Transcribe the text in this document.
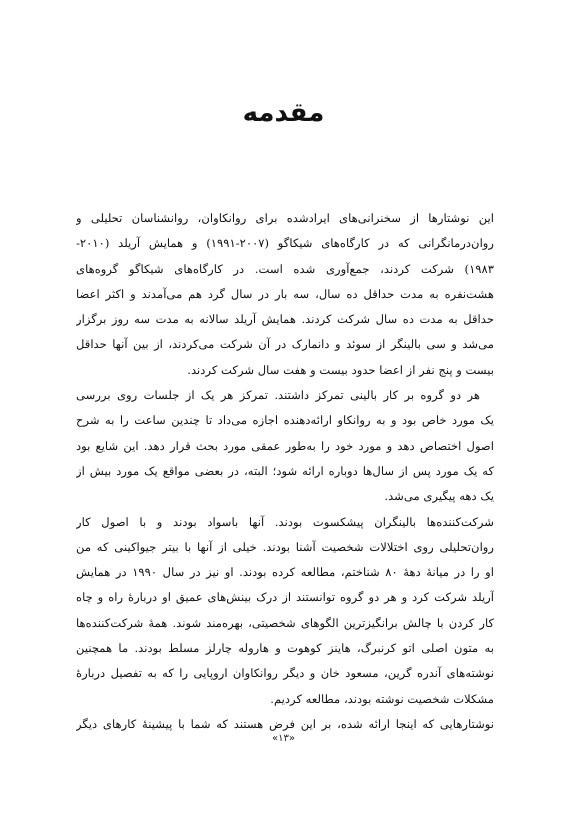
مقدمه
این نوشتارها از سخنرانی‌های ایرادشده برای روانکاوان، روانشناسان تحلیلی و
روان‌درمانگرانی که در کارگاه‌های شیکاگو (۲۰۰۷-۱۹۹۱) و همایش آریلد (۲۰۱۰-
۱۹۸۳) شرکت کردند، جمع‌آوری شده است. در کارگاه‌های شیکاگو گروه‌های
هشت‌نفره به مدت حداقل ده سال، سه بار در سال گرد هم می‌آمدند و اکثر اعضا
حداقل به مدت ده سال شرکت کردند. همایش آریلد سالانه به مدت سه روز برگزار
می‌شد و سی بالینگر از سوئد و دانمارک در آن شرکت می‌کردند، از بین آنها حداقل
بیست و پنج نفر از اعضا حدود بیست و هفت سال شرکت کردند.
هر دو گروه بر کار بالینی تمرکز داشتند. تمرکز هر یک از جلسات روی بررسی
یک مورد خاص بود و به روانکاو ارائه‌دهنده اجازه می‌داد تا چندین ساعت را به شرح
اصول اختصاص دهد و مورد خود را به‌طور عمقی مورد بحث قرار دهد. این شایع بود
که یک مورد پس از سال‌ها دوباره ارائه شود؛ البته، در بعضی مواقع یک مورد بیش از
یک دهه پیگیری می‌شد.
شرکت‌کننده‌ها بالینگران پیشکسوت بودند. آنها باسواد بودند و با اصول کار
روان‌تحلیلی روی اختلالات شخصیت آشنا بودند. خیلی از آنها با بیتر جیواکینی که من
او را در میانهٔ دههٔ ۸۰ شناختم، مطالعه کرده بودند. او نیز در سال ۱۹۹۰ در همایش
آریلد شرکت کرد و هر دو گروه توانستند از درک بینش‌های عمیق او دربارهٔ راه و چاه
کار کردن با چالش برانگیزترین الگوهای شخصیتی، بهره‌مند شوند. همهٔ شرکت‌کننده‌ها
به متون اصلی اتو کرنبرگ، هاینز کوهوت و هاروله چارلز مسلط بودند. ما همچنین
نوشته‌های آندره گرین، مسعود خان و دیگر روانکاوان اروپایی را که به تفصیل دربارهٔ
مشکلات شخصیت نوشته بودند، مطالعه کردیم.
نوشتارهایی که اینجا ارائه شده، بر این فرض هستند که شما با پیشینهٔ کارهای دیگر
«۱۳»
